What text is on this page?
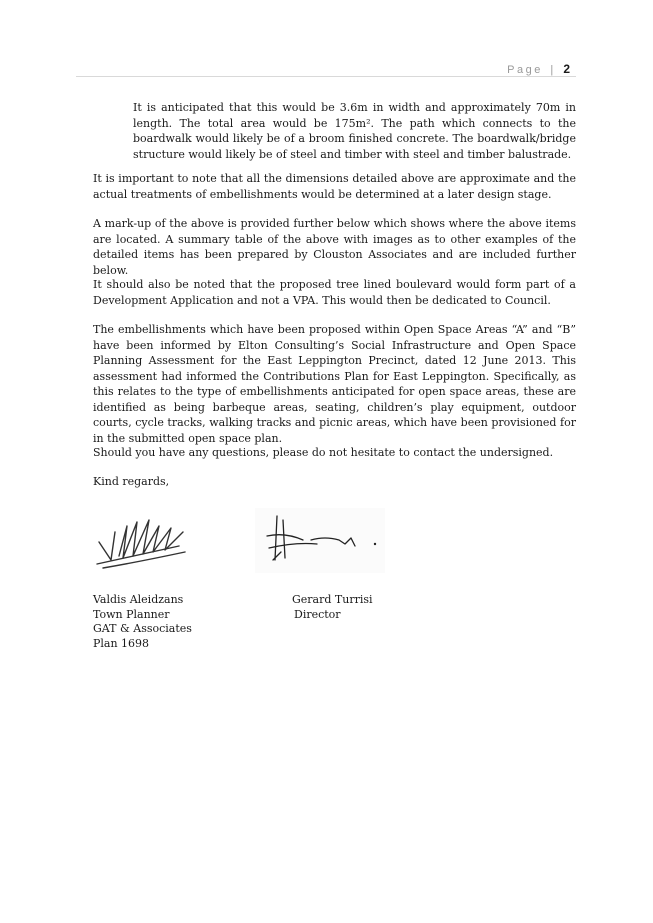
Page | 2

It is anticipated that this would be 3.6m in width and approximately 70m in length. The total area would be 175m². The path which connects to the boardwalk would likely be of a broom finished concrete. The boardwalk/bridge structure would likely be of steel and timber with steel and timber balustrade.

It is important to note that all the dimensions detailed above are approximate and the actual treatments of embellishments would be determined at a later design stage.

A mark-up of the above is provided further below which shows where the above items are located. A summary table of the above with images as to other examples of the detailed items has been prepared by Clouston Associates and are included further below.

It should also be noted that the proposed tree lined boulevard would form part of a Development Application and not a VPA. This would then be dedicated to Council.

The embellishments which have been proposed within Open Space Areas “A” and “B” have been informed by Elton Consulting’s Social Infrastructure and Open Space Planning Assessment for the East Leppington Precinct, dated 12 June 2013. This assessment had informed the Contributions Plan for East Leppington. Specifically, as this relates to the type of embellishments anticipated for open space areas, these are identified as being barbeque areas, seating, children’s play equipment, outdoor courts, cycle tracks, walking tracks and picnic areas, which have been provisioned for in the submitted open space plan.

Should you have any questions, please do not hesitate to contact the undersigned.

Kind regards,

Valdis Aleidzans
Town Planner
GAT & Associates
Plan 1698
Gerard Turrisi
Director
